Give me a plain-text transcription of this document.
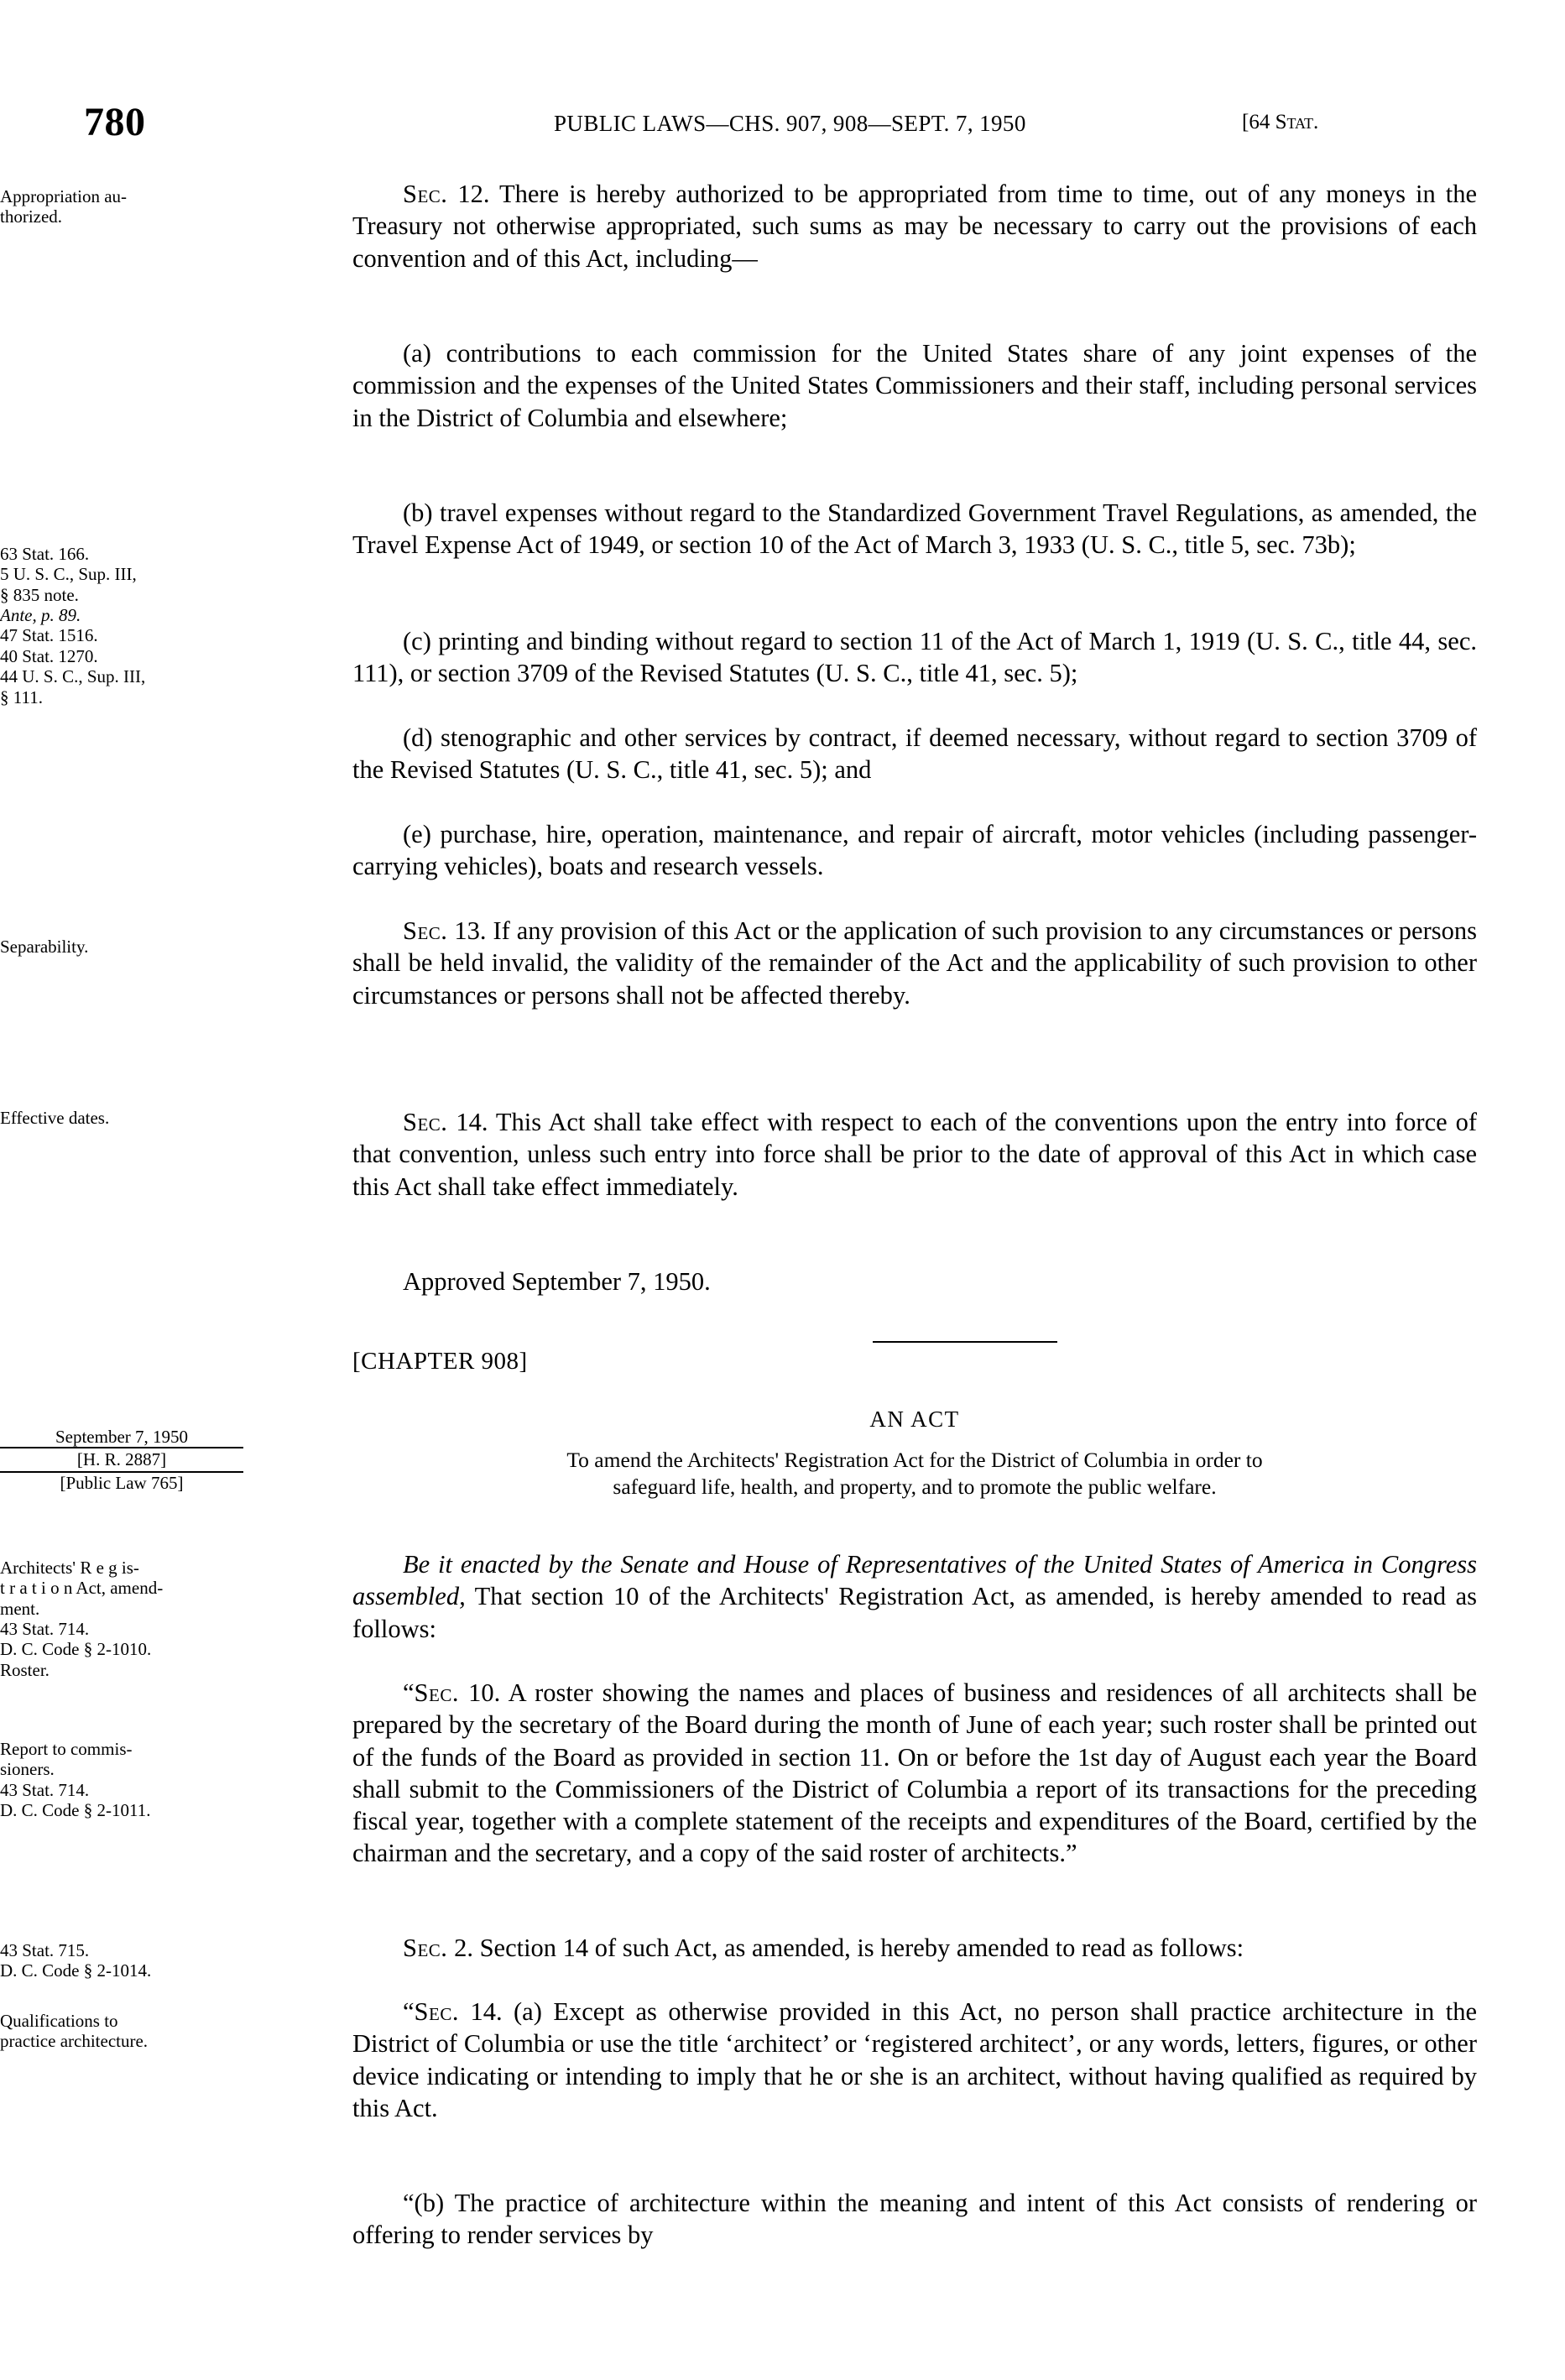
780	PUBLIC LAWS—CHS. 907, 908—SEPT. 7, 1950	[64 Stat.
Appropriation au-
thorized.
63 Stat. 166.
5 U. S. C., Sup. III,
§ 835 note.
Ante, p. 89.
47 Stat. 1516.
40 Stat. 1270.
44 U. S. C., Sup. III,
§ 111.
Separability.
Effective dates.
September 7, 1950
[H. R. 2887]
[Public Law 765]
Architects' R e g is-
t r a t i o n Act, amend-
ment.
43 Stat. 714.
D. C. Code § 2-1010.
Roster.
Report to commis-
sioners.
43 Stat. 714.
D. C. Code § 2-1011.
43 Stat. 715.
D. C. Code § 2-1014.
Qualifications to
practice architecture.
Sec. 12. There is hereby authorized to be appropriated from time to time, out of any moneys in the Treasury not otherwise appropriated, such sums as may be necessary to carry out the provisions of each convention and of this Act, including—
(a) contributions to each commission for the United States share of any joint expenses of the commission and the expenses of the United States Commissioners and their staff, including personal services in the District of Columbia and elsewhere;
(b) travel expenses without regard to the Standardized Government Travel Regulations, as amended, the Travel Expense Act of 1949, or section 10 of the Act of March 3, 1933 (U. S. C., title 5, sec. 73b);
(c) printing and binding without regard to section 11 of the Act of March 1, 1919 (U. S. C., title 44, sec. 111), or section 3709 of the Revised Statutes (U. S. C., title 41, sec. 5);
(d) stenographic and other services by contract, if deemed necessary, without regard to section 3709 of the Revised Statutes (U. S. C., title 41, sec. 5); and
(e) purchase, hire, operation, maintenance, and repair of aircraft, motor vehicles (including passenger-carrying vehicles), boats and research vessels.
Sec. 13. If any provision of this Act or the application of such provision to any circumstances or persons shall be held invalid, the validity of the remainder of the Act and the applicability of such provision to other circumstances or persons shall not be affected thereby.
Sec. 14. This Act shall take effect with respect to each of the conventions upon the entry into force of that convention, unless such entry into force shall be prior to the date of approval of this Act in which case this Act shall take effect immediately.
Approved September 7, 1950.
[CHAPTER 908]
AN ACT
To amend the Architects' Registration Act for the District of Columbia in order to
safeguard life, health, and property, and to promote the public welfare.
Be it enacted by the Senate and House of Representatives of the United States of America in Congress assembled, That section 10 of the Architects' Registration Act, as amended, is hereby amended to read as follows:
“Sec. 10. A roster showing the names and places of business and residences of all architects shall be prepared by the secretary of the Board during the month of June of each year; such roster shall be printed out of the funds of the Board as provided in section 11. On or before the 1st day of August each year the Board shall submit to the Commissioners of the District of Columbia a report of its transactions for the preceding fiscal year, together with a complete statement of the receipts and expenditures of the Board, certified by the chairman and the secretary, and a copy of the said roster of architects.”
Sec. 2. Section 14 of such Act, as amended, is hereby amended to read as follows:
“Sec. 14. (a) Except as otherwise provided in this Act, no person shall practice architecture in the District of Columbia or use the title ‘architect’ or ‘registered architect’, or any words, letters, figures, or other device indicating or intending to imply that he or she is an architect, without having qualified as required by this Act.
“(b) The practice of architecture within the meaning and intent of this Act consists of rendering or offering to render services by
